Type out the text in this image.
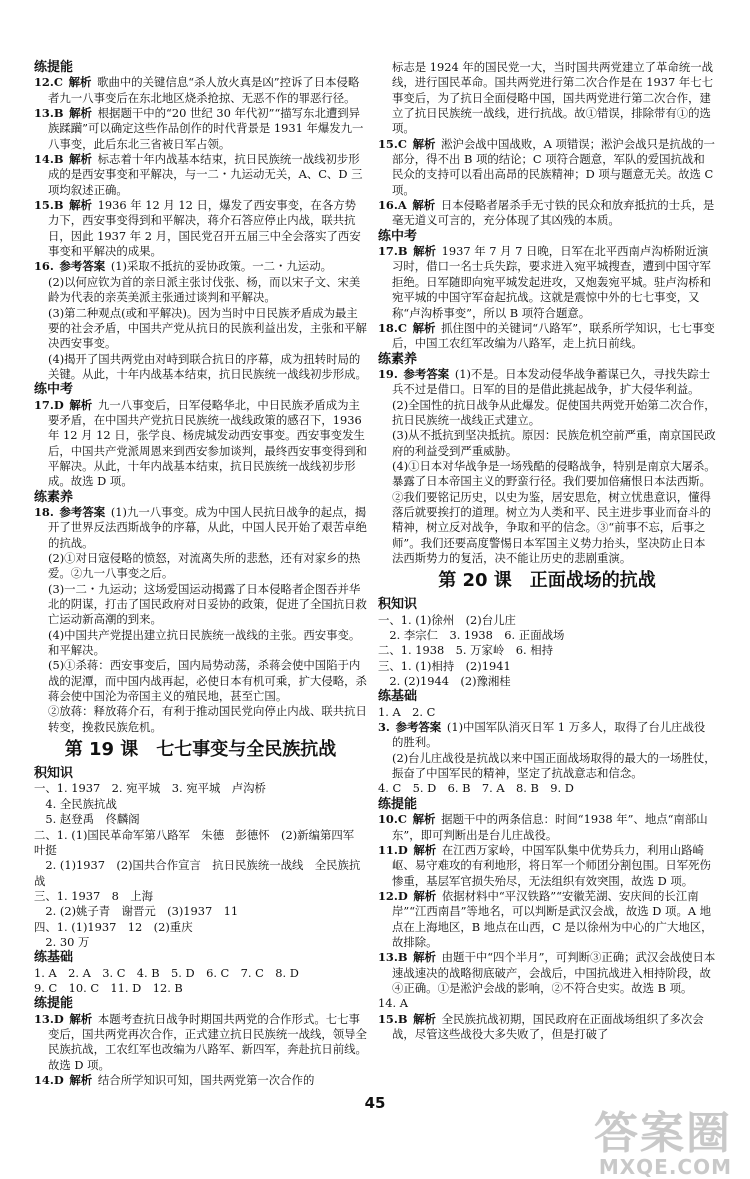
练提能
12.C  解析  歌曲中的关键信息“杀人放火真是凶”控诉了日本侵略者九一八事变后在东北地区烧杀抢掠、无恶不作的罪恶行径。
13.B  解析  根据题干中的“20 世纪 30 年代初”“描写东北遭到异族蹂躏”可以确定这些作品创作的时代背景是 1931 年爆发九一八事变，此后东北三省被日军占领。
14.B  解析  标志着十年内战基本结束，抗日民族统一战线初步形成的是西安事变和平解决，与一二・九运动无关，A、C、D 三项均叙述正确。
15.B  解析  1936 年 12 月 12 日，爆发了西安事变，在各方势力下，西安事变得到和平解决，蒋介石答应停止内战，联共抗日，因此 1937 年 2 月，国民党召开五届三中全会落实了西安事变和平解决的成果。
16.  参考答案  (1)采取不抵抗的妥协政策。一二・九运动。
(2)以何应钦为首的亲日派主张讨伐张、杨，而以宋子文、宋美龄为代表的亲英美派主张通过谈判和平解决。
(3)第二种观点(或和平解决)。因为当时中日民族矛盾成为最主要的社会矛盾，中国共产党从抗日的民族利益出发，主张和平解决西安事变。
(4)揭开了国共两党由对峙到联合抗日的序幕，成为扭转时局的关键。从此，十年内战基本结束，抗日民族统一战线初步形成。
练中考
17.D  解析  九一八事变后，日军侵略华北，中日民族矛盾成为主要矛盾，在中国共产党抗日民族统一战线政策的感召下，1936 年 12 月 12 日，张学良、杨虎城发动西安事变。西安事变发生后，中国共产党派周恩来到西安参加谈判，最终西安事变得到和平解决。从此，十年内战基本结束，抗日民族统一战线初步形成。故选 D 项。
练素养
18.  参考答案  (1)九一八事变。成为中国人民抗日战争的起点，揭开了世界反法西斯战争的序幕，从此，中国人民开始了艰苦卓绝的抗战。
(2)①对日寇侵略的愤怒，对流离失所的悲愁，还有对家乡的热爱。②九一八事变之后。
(3)一二・九运动；这场爱国运动揭露了日本侵略者企图吞并华北的阴谋，打击了国民政府对日妥协的政策，促进了全国抗日救亡运动新高潮的到来。
(4)中国共产党提出建立抗日民族统一战线的主张。西安事变。和平解决。
(5)①杀蒋：西安事变后，国内局势动荡，杀蒋会使中国陷于内战的泥潭，而中国内战再起，必使日本有机可乘，扩大侵略，杀蒋会使中国沦为帝国主义的殖民地，甚至亡国。
②放蒋：释放蒋介石，有利于推动国民党向停止内战、联共抗日转变，挽救民族危机。
第 19 课　七七事变与全民族抗战
积知识
一、1. 1937　2. 宛平城　3. 宛平城　卢沟桥
　4. 全民族抗战
　5. 赵登禹　佟麟阁
二、1. (1)国民革命军第八路军　朱德　彭德怀　(2)新编第四军　叶挺
　2. (1)1937　(2)国共合作宣言　抗日民族统一战线　全民族抗战
三、1. 1937　8　上海
　2. (2)姚子青　谢晋元　(3)1937　11
四、1. (1)1937　12　(2)重庆
　2. 30 万
练基础
1. A　2. A　3. C　4. B　5. D　6. C　7. C　8. D
9. C　10. C　11. D　12. B
练提能
13.D  解析  本题考查抗日战争时期国共两党的合作形式。七七事变后，国共两党再次合作，正式建立抗日民族统一战线，领导全民族抗战，工农红军也改编为八路军、新四军，奔赴抗日前线。故选 D 项。
14.D  解析  结合所学知识可知，国共两党第一次合作的
标志是 1924 年的国民党一大，当时国共两党建立了革命统一战线，进行国民革命。国共两党进行第二次合作是在 1937 年七七事变后，为了抗日全面侵略中国，国共两党进行第二次合作，建立了抗日民族统一战线，进行抗战。故①错误，排除带有①的选项。
15.C  解析  淞沪会战中国战败，A 项错误；淞沪会战只是抗战的一部分，得不出 B 项的结论；C 项符合题意，军队的爱国抗战和民众的支持可以看出高昂的民族精神；D 项与题意无关。故选 C 项。
16.A  解析  日本侵略者屠杀手无寸铁的民众和放弃抵抗的士兵，是毫无道义可言的，充分体现了其凶残的本质。
练中考
17.B  解析  1937 年 7 月 7 日晚，日军在北平西南卢沟桥附近演习时，借口一名士兵失踪，要求进入宛平城搜查，遭到中国守军拒绝。日军随即向宛平城发起进攻，又炮轰宛平城。驻卢沟桥和宛平城的中国守军奋起抗战。这就是震惊中外的七七事变，又称“卢沟桥事变”，所以 B 项符合题意。
18.C  解析  抓住图中的关键词“八路军”，联系所学知识，七七事变后，中国工农红军改编为八路军，走上抗日前线。
练素养
19.  参考答案  (1)不是。日本发动侵华战争蓄谋已久，寻找失踪士兵不过是借口。日军的目的是借此挑起战争，扩大侵华利益。
(2)全国性的抗日战争从此爆发。促使国共两党开始第二次合作，抗日民族统一战线正式建立。
(3)从不抵抗到坚决抵抗。原因：民族危机空前严重，南京国民政府的利益受到严重威胁。
(4)①日本对华战争是一场残酷的侵略战争，特别是南京大屠杀。暴露了日本帝国主义的野蛮行径。我们要加倍痛恨日本法西斯。②我们要铭记历史，以史为鉴，居安思危，树立忧患意识，懂得落后就要挨打的道理。树立为人类和平、民主进步事业而奋斗的精神，树立反对战争，争取和平的信念。③“前事不忘，后事之师”。我们还要高度警惕日本军国主义势力抬头，坚决防止日本法西斯势力的复活，决不能让历史的悲剧重演。
第 20 课　正面战场的抗战
积知识
一、1. (1)徐州　(2)台儿庄
　2. 李宗仁　3. 1938　6. 正面战场
二、1. 1938　5. 万家岭　6. 相持
三、1. (1)相持　(2)1941
　2. (2)1944　(2)豫湘桂
练基础
1. A　2. C
3.  参考答案  (1)中国军队消灭日军 1 万多人，取得了台儿庄战役的胜利。
(2)台儿庄战役是抗战以来中国正面战场取得的最大的一场胜仗，振奋了中国军民的精神，坚定了抗战意志和信念。
4. C　5. D　6. B　7. A　8. B　9. D
练提能
10.C  解析  据题干中的两条信息：时间“1938 年”、地点“南部山东”，即可判断出是台儿庄战役。
11.D  解析  在江西万家岭，中国军队集中优势兵力，利用山路崎岖、易守难攻的有利地形，将日军一个师团分割包围。日军死伤惨重，基层军官损失殆尽，无法组织有效突围，故选 D 项。
12.D  解析  依据材料中“平汉铁路”“安徽芜湖、安庆间的长江南岸”“江西南昌”等地名，可以判断是武汉会战，故选 D 项。A 地点在上海地区，B 地点在山西，C 是以徐州为中心的广大地区，故排除。
13.B  解析  由题干中“四个半月”，可判断③正确；武汉会战使日本速战速决的战略彻底破产，会战后，中国抗战进入相持阶段，故④正确。①是淞沪会战的影响，②不符合史实。故选 B 项。
14. A
15.B  解析  全民族抗战初期，国民政府在正面战场组织了多次会战，尽管这些战役大多失败了，但是打破了
45
答案圈
MXQE.COM
